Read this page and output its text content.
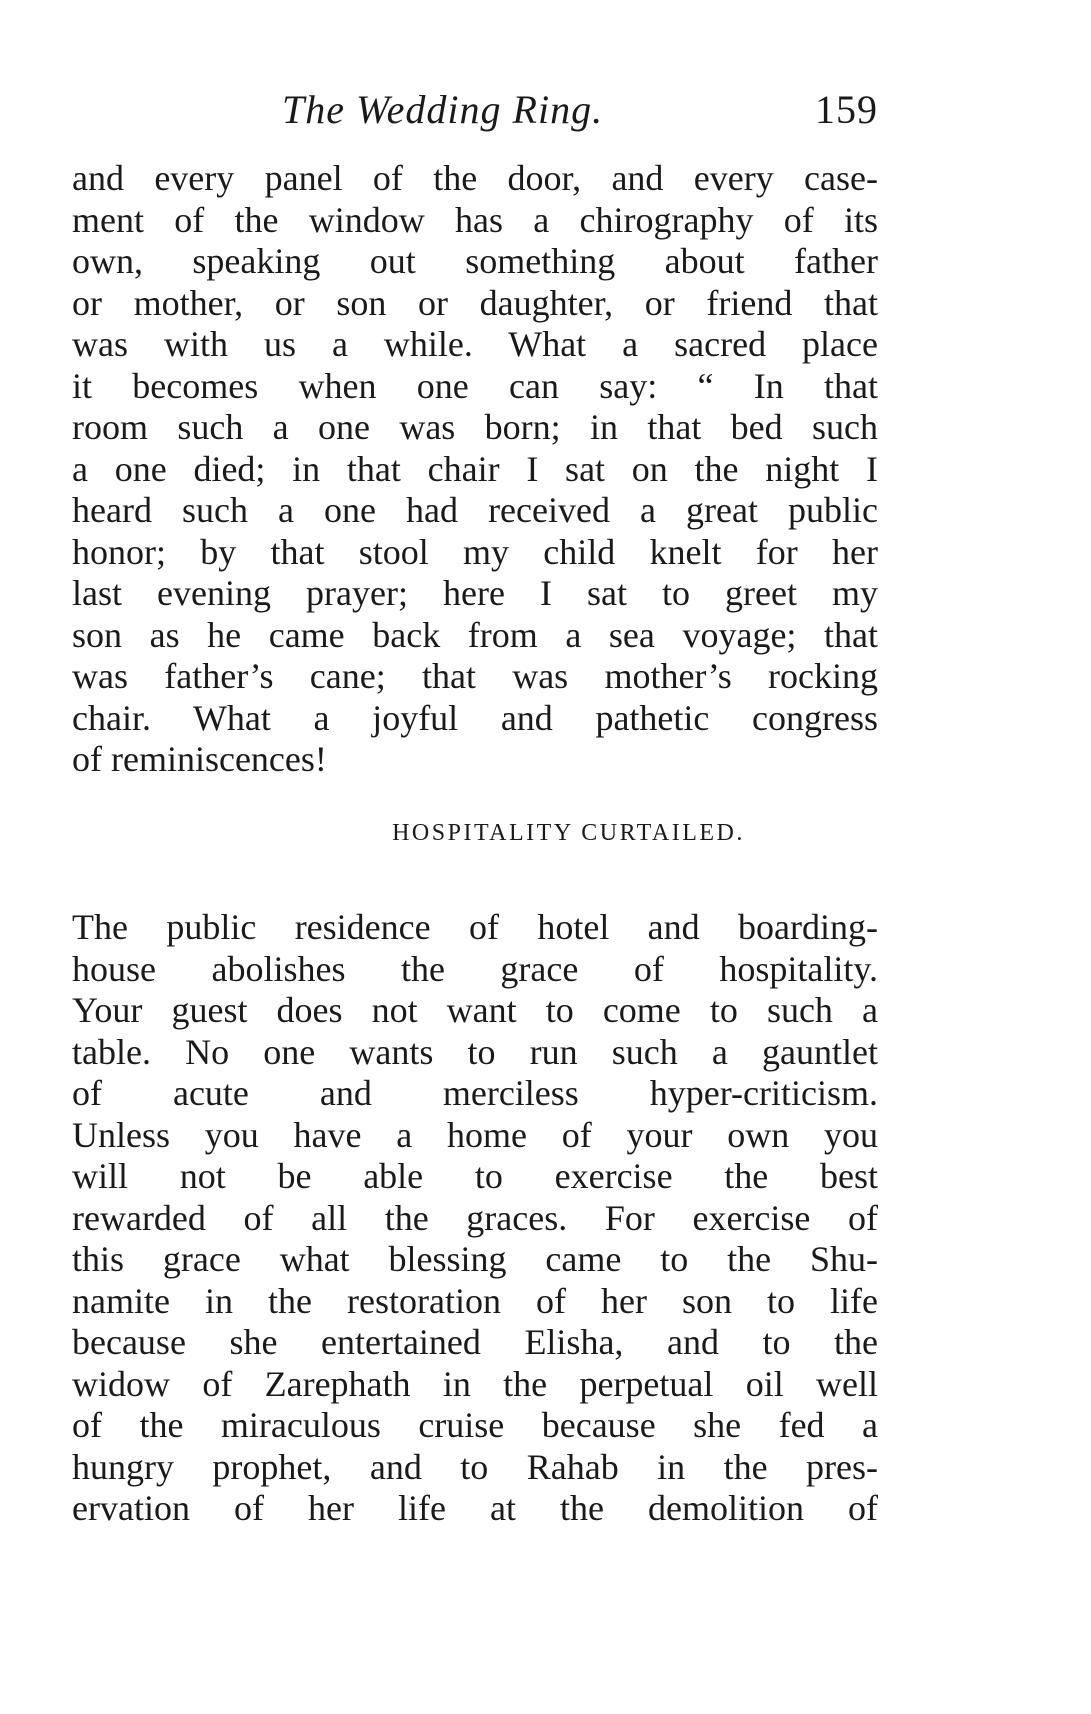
The Wedding Ring.	159
and every panel of the door, and every case-
ment of the window has a chirography of its
own, speaking out something about father
or mother, or son or daughter, or friend that
was with us a while. What a sacred place
it becomes when one can say: “ In that
room such a one was born; in that bed such
a one died; in that chair I sat on the night I
heard such a one had received a great public
honor; by that stool my child knelt for her
last evening prayer; here I sat to greet my
son as he came back from a sea voyage; that
was father’s cane; that was mother’s rocking
chair. What a joyful and pathetic congress
of reminiscences!
HOSPITALITY CURTAILED.
The public residence of hotel and boarding-
house abolishes the grace of hospitality.
Your guest does not want to come to such a
table. No one wants to run such a gauntlet
of acute and merciless hyper-criticism.
Unless you have a home of your own you
will not be able to exercise the best
rewarded of all the graces. For exercise of
this grace what blessing came to the Shu-
namite in the restoration of her son to life
because she entertained Elisha, and to the
widow of Zarephath in the perpetual oil well
of the miraculous cruise because she fed a
hungry prophet, and to Rahab in the pres-
ervation of her life at the demolition of
